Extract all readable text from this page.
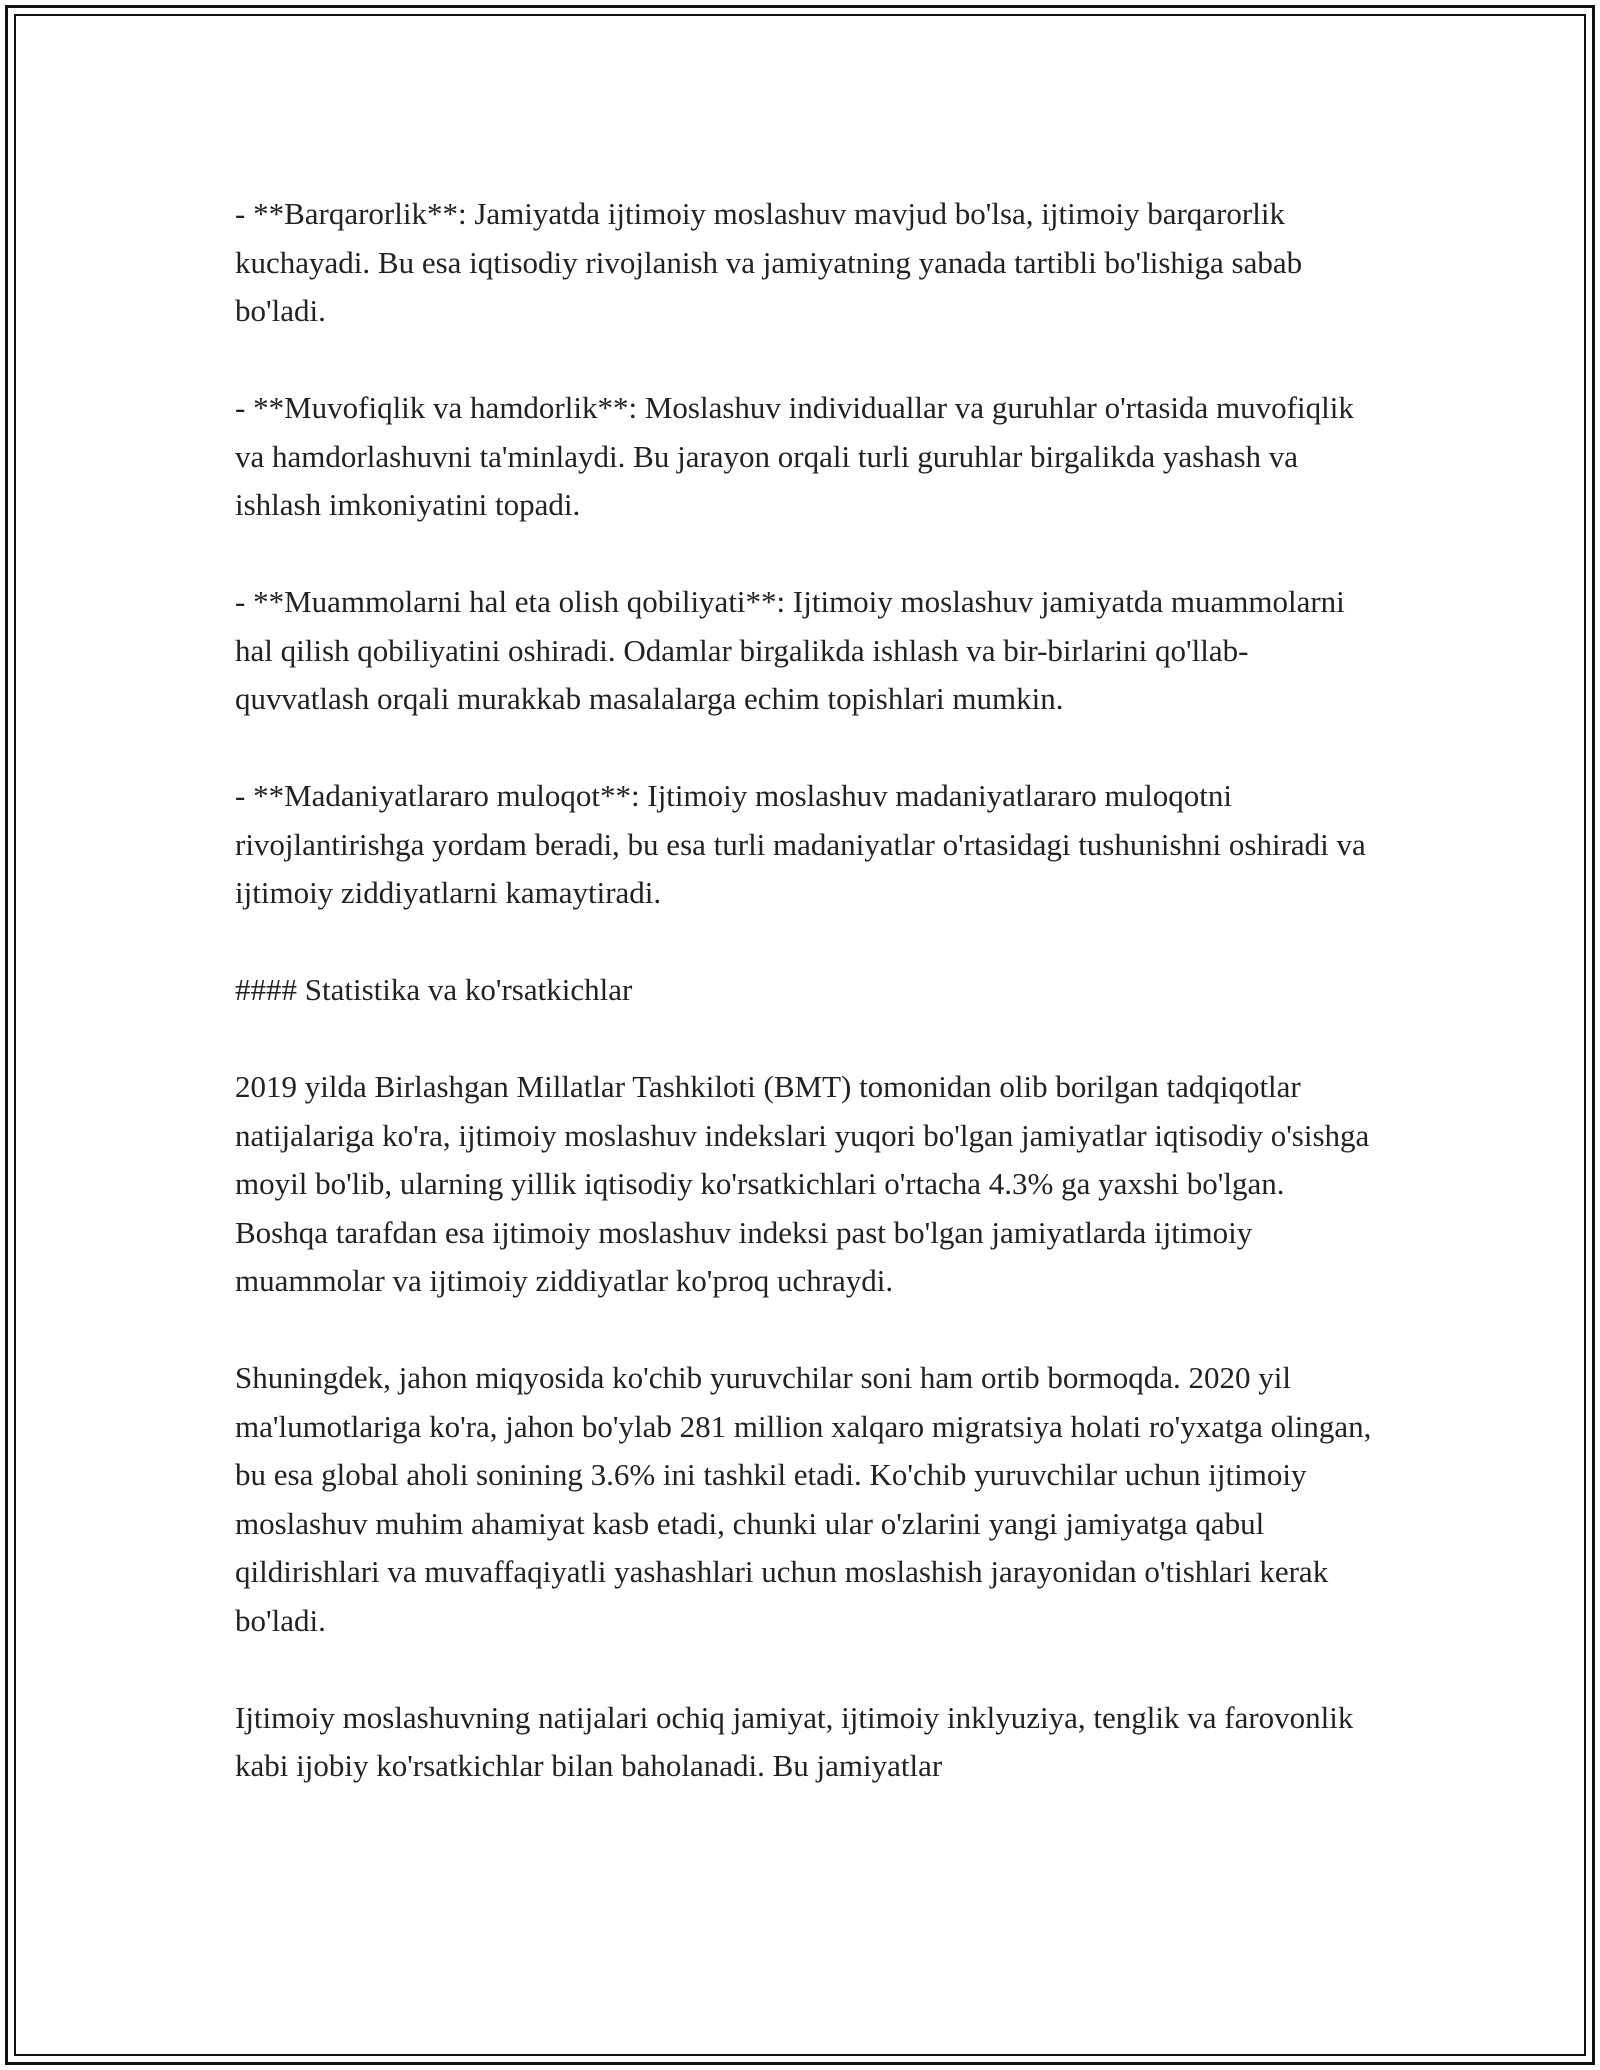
- **Barqarorlik**: Jamiyatda ijtimoiy moslashuv mavjud bo'lsa, ijtimoiy barqarorlik kuchayadi. Bu esa iqtisodiy rivojlanish va jamiyatning yanada tartibli bo'lishiga sabab bo'ladi.

- **Muvofiqlik va hamdorlik**: Moslashuv individuallar va guruhlar o'rtasida muvofiqlik va hamdorlashuvni ta'minlaydi. Bu jarayon orqali turli guruhlar birgalikda yashash va ishlash imkoniyatini topadi.

- **Muammolarni hal eta olish qobiliyati**: Ijtimoiy moslashuv jamiyatda muammolarni hal qilish qobiliyatini oshiradi. Odamlar birgalikda ishlash va bir-birlarini qo'llab-quvvatlash orqali murakkab masalalarga echim topishlari mumkin.

- **Madaniyatlararo muloqot**: Ijtimoiy moslashuv madaniyatlararo muloqotni rivojlantirishga yordam beradi, bu esa turli madaniyatlar o'rtasidagi tushunishni oshiradi va ijtimoiy ziddiyatlarni kamaytiradi.

#### Statistika va ko'rsatkichlar

2019 yilda Birlashgan Millatlar Tashkiloti (BMT) tomonidan olib borilgan tadqiqotlar natijalariga ko'ra, ijtimoiy moslashuv indekslari yuqori bo'lgan jamiyatlar iqtisodiy o'sishga moyil bo'lib, ularning yillik iqtisodiy ko'rsatkichlari o'rtacha 4.3% ga yaxshi bo'lgan. Boshqa tarafdan esa ijtimoiy moslashuv indeksi past bo'lgan jamiyatlarda ijtimoiy muammolar va ijtimoiy ziddiyatlar ko'proq uchraydi.

Shuningdek, jahon miqyosida ko'chib yuruvchilar soni ham ortib bormoqda. 2020 yil ma'lumotlariga ko'ra, jahon bo'ylab 281 million xalqaro migratsiya holati ro'yxatga olingan, bu esa global aholi sonining 3.6% ini tashkil etadi. Ko'chib yuruvchilar uchun ijtimoiy moslashuv muhim ahamiyat kasb etadi, chunki ular o'zlarini yangi jamiyatga qabul qildirishlari va muvaffaqiyatli yashashlari uchun moslashish jarayonidan o'tishlari kerak bo'ladi.

Ijtimoiy moslashuvning natijalari ochiq jamiyat, ijtimoiy inklyuziya, tenglik va farovonlik kabi ijobiy ko'rsatkichlar bilan baholanadi. Bu jamiyatlar
